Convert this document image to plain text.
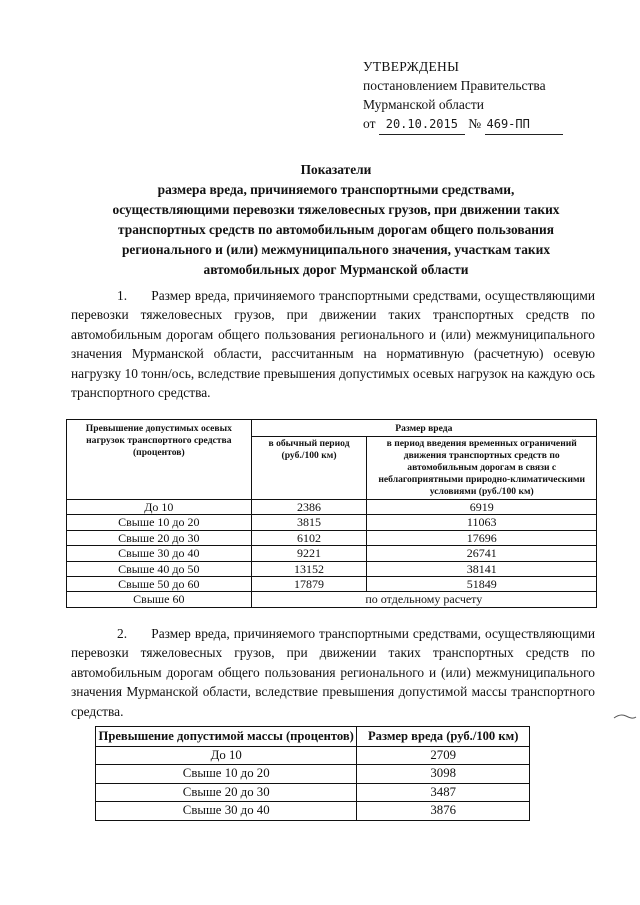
УТВЕРЖДЕНЫ
постановлением Правительства
Мурманской области
от 20.10.2015 № 469-ПП
Показатели
размера вреда, причиняемого транспортными средствами,
осуществляющими перевозки тяжеловесных грузов, при движении таких
транспортных средств по автомобильным дорогам общего пользования
регионального и (или) межмуниципального значения, участкам таких
автомобильных дорог Мурманской области
1. Размер вреда, причиняемого транспортными средствами, осуществляющими перевозки тяжеловесных грузов, при движении таких транспортных средств по автомобильным дорогам общего пользования регионального и (или) межмуниципального значения Мурманской области, рассчитанным на нормативную (расчетную) осевую нагрузку 10 тонн/ось, вследствие превышения допустимых осевых нагрузок на каждую ось транспортного средства.
Превышение допустимых осевых нагрузок транспортного средства (процентов)	Размер вреда	
	в обычный период (руб./100 км)	в период введения временных ограничений движения транспортных средств по автомобильным дорогам в связи с неблагоприятными природно-климатическими условиями (руб./100 км)
До 10	2386	6919
Свыше 10 до 20	3815	11063
Свыше 20 до 30	6102	17696
Свыше 30 до 40	9221	26741
Свыше 40 до 50	13152	38141
Свыше 50 до 60	17879	51849
Свыше 60	по отдельному расчету	
2. Размер вреда, причиняемого транспортными средствами, осуществляющими перевозки тяжеловесных грузов, при движении таких транспортных средств по автомобильным дорогам общего пользования регионального и (или) межмуниципального значения Мурманской области, вследствие превышения допустимой массы транспортного средства.
Превышение допустимой массы (процентов)	Размер вреда (руб./100 км)
До 10	2709
Свыше 10 до 20	3098
Свыше 20 до 30	3487
Свыше 30 до 40	3876
